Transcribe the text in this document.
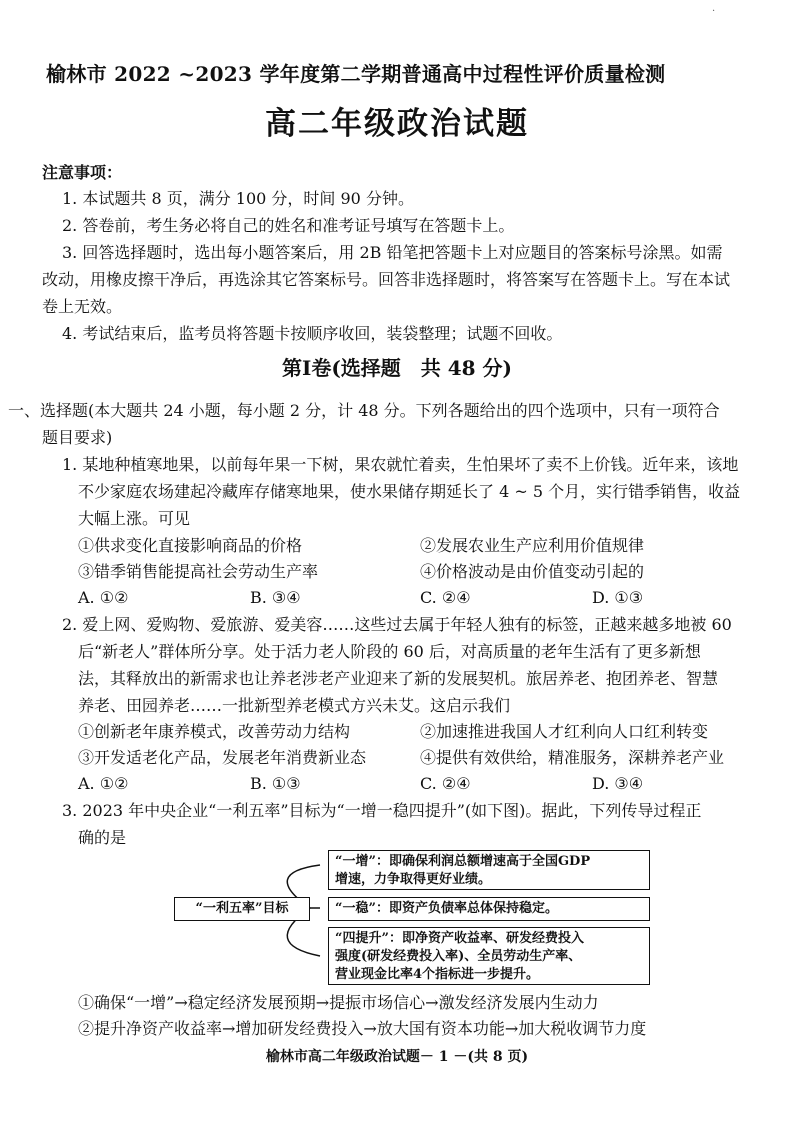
·
榆林市 2022 ~2023 学年度第二学期普通高中过程性评价质量检测
高二年级政治试题
注意事项：
1. 本试题共 8 页，满分 100 分，时间 90 分钟。
2. 答卷前，考生务必将自己的姓名和准考证号填写在答题卡上。
3. 回答选择题时，选出每小题答案后，用 2B 铅笔把答题卡上对应题目的答案标号涂黑。如需
改动，用橡皮擦干净后，再选涂其它答案标号。回答非选择题时，将答案写在答题卡上。写在本试
卷上无效。
4. 考试结束后，监考员将答题卡按顺序收回，装袋整理；试题不回收。
第Ⅰ卷(选择题　共 48 分)
一、选择题(本大题共 24 小题，每小题 2 分，计 48 分。下列各题给出的四个选项中，只有一项符合
题目要求)
1. 某地种植寒地果，以前每年果一下树，果农就忙着卖，生怕果坏了卖不上价钱。近年来，该地
不少家庭农场建起冷藏库存储寒地果，使水果储存期延长了 4 ~ 5 个月，实行错季销售，收益
大幅上涨。可见
①供求变化直接影响商品的价格	②发展农业生产应利用价值规律
③错季销售能提高社会劳动生产率	④价格波动是由价值变动引起的
A. ①②	B. ③④	C. ②④	D. ①③
2. 爱上网、爱购物、爱旅游、爱美容……这些过去属于年轻人独有的标签，正越来越多地被 60
后“新老人”群体所分享。处于活力老人阶段的 60 后，对高质量的老年生活有了更多新想
法，其释放出的新需求也让养老涉老产业迎来了新的发展契机。旅居养老、抱团养老、智慧
养老、田园养老……一批新型养老模式方兴未艾。这启示我们
①创新老年康养模式，改善劳动力结构	②加速推进我国人才红利向人口红利转变
③开发适老化产品，发展老年消费新业态	④提供有效供给，精准服务，深耕养老产业
A. ①②	B. ①③	C. ②④	D. ③④
3. 2023 年中央企业“一利五率”目标为“一增一稳四提升”(如下图)。据此，下列传导过程正
确的是
“一利五率”目标
“一增”：即确保利润总额增速高于全国GDP
增速，力争取得更好业绩。
“一稳”：即资产负债率总体保持稳定。
“四提升”：即净资产收益率、研发经费投入
强度(研发经费投入率)、全员劳动生产率、
营业现金比率4个指标进一步提升。
①确保“一增”→稳定经济发展预期→提振市场信心→激发经济发展内生动力
②提升净资产收益率→增加研发经费投入→放大国有资本功能→加大税收调节力度
榆林市高二年级政治试题－ 1 －(共 8 页)
